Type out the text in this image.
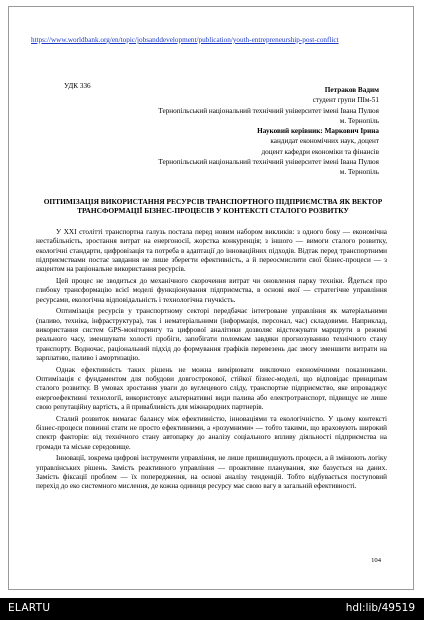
https://www.worldbank.org/en/topic/jobsanddevelopment/publication/youth-entrepreneurship-post-conflict
УДК 336	Петраков Вадим
студент групи ПІм-51
Тернопільський національний технічний університет імені Івана Пулюя
м. Тернопіль
Науковий керівник: Маркович Ірина
кандидат економічних наук, доцент
доцент кафедри економіки та фінансів
Тернопільський національний технічний університет імені Івана Пулюя
м. Тернопіль
ОПТИМІЗАЦІЯ ВИКОРИСТАННЯ РЕСУРСІВ ТРАНСПОРТНОГО ПІДПРИЄМСТВА ЯК ВЕКТОР ТРАНСФОРМАЦІЇ БІЗНЕС-ПРОЦЕСІВ У КОНТЕКСТІ СТАЛОГО РОЗВИТКУ

У XXI столітті транспортна галузь постала перед новим набором викликів: з одного боку — економічна нестабільність, зростання витрат на енергоносії, жорстка конкуренція; з іншого — вимоги сталого розвитку, екологічні стандарти, цифровізація та потреба в адаптації до інноваційних підходів. Відтак перед транспортними підприємствами постає завдання не лише зберегти ефективність, а й переосмислити свої бізнес-процеси — з акцентом на раціональне використання ресурсів.

Цей процес не зводиться до механічного скорочення витрат чи оновлення парку техніки. Йдеться про глибоку трансформацію всієї моделі функціонування підприємства, в основі якої — стратегічне управління ресурсами, екологічна відповідальність і технологічна гнучкість.

Оптимізація ресурсів у транспортному секторі передбачає інтегроване управління як матеріальними (паливо, техніка, інфраструктура), так і нематеріальними (інформація, персонал, час) складовими. Наприклад, використання систем GPS-моніторингу та цифрової аналітики дозволяє відстежувати маршрути в режимі реального часу, зменшувати холості пробіги, запобігати поломкам завдяки прогнозуванню технічного стану транспорту. Водночас, раціональний підхід до формування графіків перевезень дає змогу зменшити витрати на зарплатню, паливо і амортизацію.

Однак ефективність таких рішень не можна вимірювати виключно економічними показниками. Оптимізація є фундаментом для побудови довгострокової, стійкої бізнес-моделі, що відповідає принципам сталого розвитку. В умовах зростання уваги до вуглецевого сліду, транспортне підприємство, яке впроваджує енергоефективні технології, використовує альтернативні види палива або електротранспорт, підвищує не лише свою репутаційну вартість, а й привабливість для міжнародних партнерів.

Сталий розвиток вимагає балансу між ефективністю, інноваціями та екологічністю. У цьому контексті бізнес-процеси повинні стати не просто ефективними, а «розумними» — тобто такими, що враховують широкий спектр факторів: від технічного стану автопарку до аналізу соціального впливу діяльності підприємства на громади та міське середовище.

Інновації, зокрема цифрові інструменти управління, не лише пришвидшують процеси, а й змінюють логіку управлінських рішень. Замість реактивного управління — проактивне планування, яке базується на даних. Замість фіксації проблем — їх попередження, на основі аналізу тенденцій. Тобто відбувається поступовий перехід до еко системного мислення, де кожна одиниця ресурсу має свою вагу в загальній ефективності.

104
ELARTU	hdl:lib/49519
